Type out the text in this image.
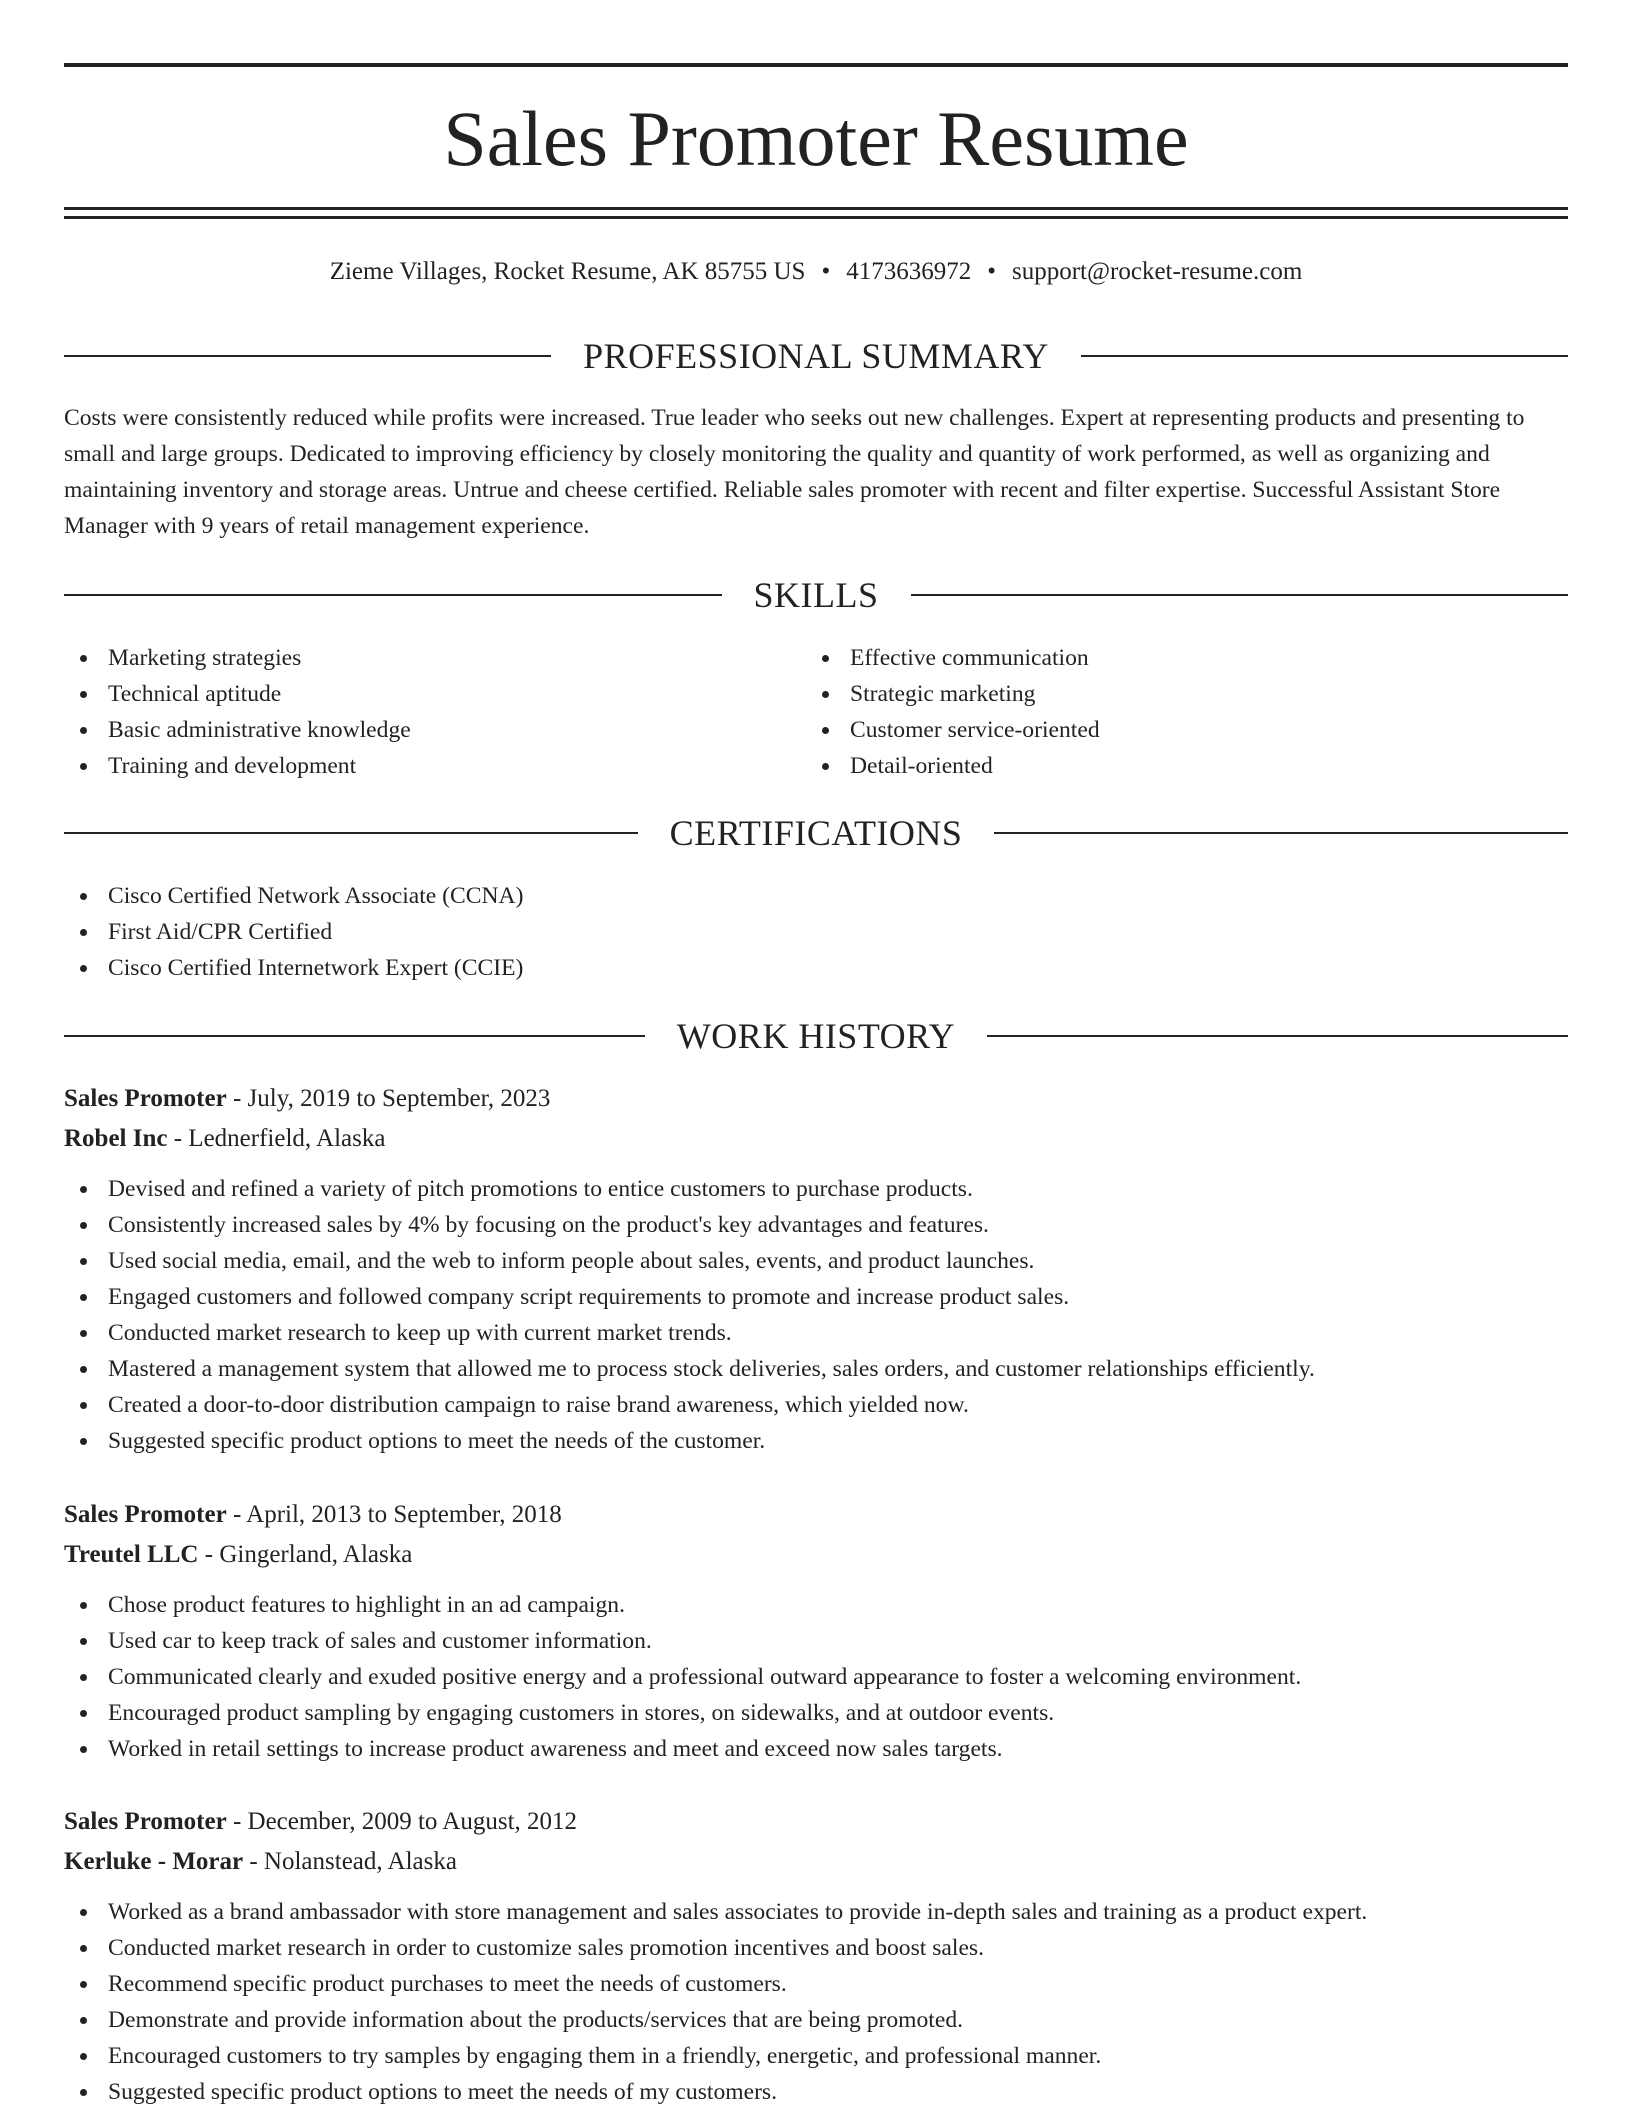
Sales Promoter Resume
Zieme Villages, Rocket Resume, AK 85755 US • 4173636972 • support@rocket-resume.com
PROFESSIONAL SUMMARY

Costs were consistently reduced while profits were increased. True leader who seeks out new challenges. Expert at representing products and presenting to small and large groups. Dedicated to improving efficiency by closely monitoring the quality and quantity of work performed, as well as organizing and maintaining inventory and storage areas. Untrue and cheese certified. Reliable sales promoter with recent and filter expertise. Successful Assistant Store Manager with 9 years of retail management experience.

SKILLS
Marketing strategies
Technical aptitude
Basic administrative knowledge
Training and development
Effective communication
Strategic marketing
Customer service-oriented
Detail-oriented
CERTIFICATIONS
Cisco Certified Network Associate (CCNA)
First Aid/CPR Certified
Cisco Certified Internetwork Expert (CCIE)
WORK HISTORY
Sales Promoter - July, 2019 to September, 2023
Robel Inc - Lednerfield, Alaska
Devised and refined a variety of pitch promotions to entice customers to purchase products.
Consistently increased sales by 4% by focusing on the product's key advantages and features.
Used social media, email, and the web to inform people about sales, events, and product launches.
Engaged customers and followed company script requirements to promote and increase product sales.
Conducted market research to keep up with current market trends.
Mastered a management system that allowed me to process stock deliveries, sales orders, and customer relationships efficiently.
Created a door-to-door distribution campaign to raise brand awareness, which yielded now.
Suggested specific product options to meet the needs of the customer.
Sales Promoter - April, 2013 to September, 2018
Treutel LLC - Gingerland, Alaska
Chose product features to highlight in an ad campaign.
Used car to keep track of sales and customer information.
Communicated clearly and exuded positive energy and a professional outward appearance to foster a welcoming environment.
Encouraged product sampling by engaging customers in stores, on sidewalks, and at outdoor events.
Worked in retail settings to increase product awareness and meet and exceed now sales targets.
Sales Promoter - December, 2009 to August, 2012
Kerluke - Morar - Nolanstead, Alaska
Worked as a brand ambassador with store management and sales associates to provide in-depth sales and training as a product expert.
Conducted market research in order to customize sales promotion incentives and boost sales.
Recommend specific product purchases to meet the needs of customers.
Demonstrate and provide information about the products/services that are being promoted.
Encouraged customers to try samples by engaging them in a friendly, energetic, and professional manner.
Suggested specific product options to meet the needs of my customers.
